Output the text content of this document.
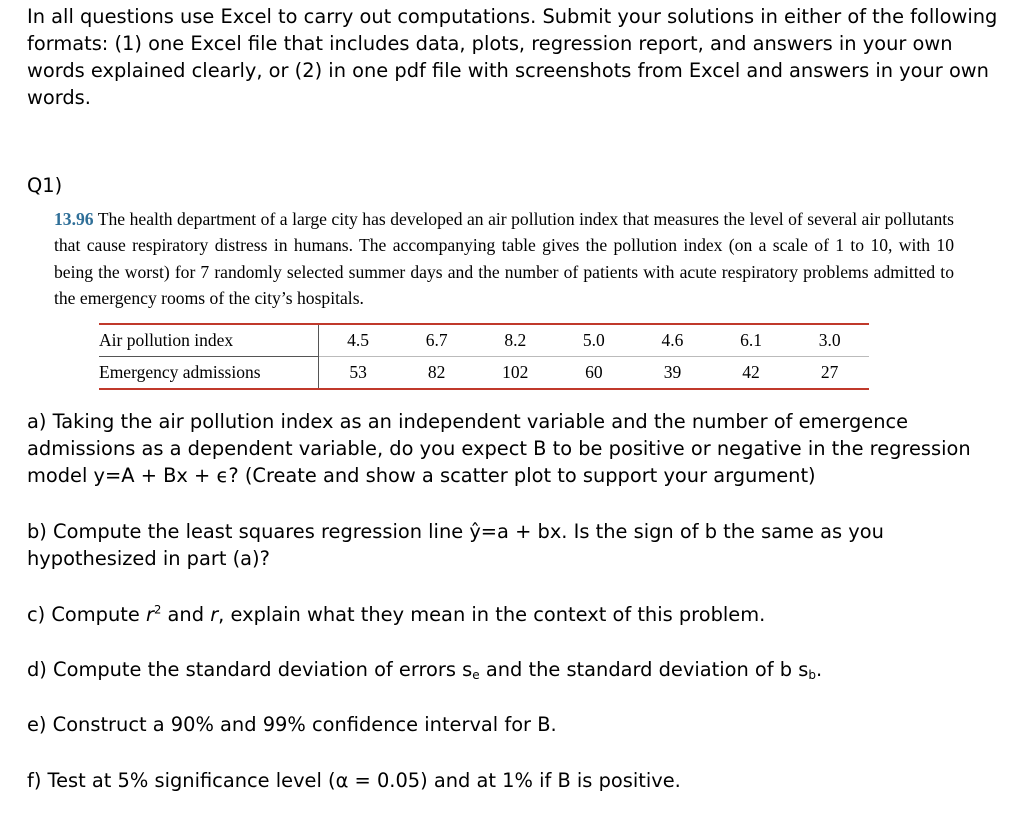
In all questions use Excel to carry out computations. Submit your solutions in either of the following formats: (1) one Excel file that includes data, plots, regression report, and answers in your own words explained clearly, or (2) in one pdf file with screenshots from Excel and answers in your own words.
Q1)
13.96 The health department of a large city has developed an air pollution index that measures the level of several air pollutants that cause respiratory distress in humans. The accompanying table gives the pollution index (on a scale of 1 to 10, with 10 being the worst) for 7 randomly selected summer days and the number of patients with acute respiratory problems admitted to the emergency rooms of the city’s hospitals.
Air pollution index	4.5	6.7	8.2	5.0	4.6	6.1	3.0
Emergency admissions	53	82	102	60	39	42	27
a) Taking the air pollution index as an independent variable and the number of emergence admissions as a dependent variable, do you expect B to be positive or negative in the regression model y=A + Bx + ϵ? (Create and show a scatter plot to support your argument)
b) Compute the least squares regression line ŷ=a + bx. Is the sign of b the same as you hypothesized in part (a)?
c) Compute $r^2$ and r, explain what they mean in the context of this problem.
d) Compute the standard deviation of errors se and the standard deviation of b sb.
e) Construct a 90% and 99% confidence interval for B.
f) Test at 5% significance level (α = 0.05) and at 1% if B is positive.
